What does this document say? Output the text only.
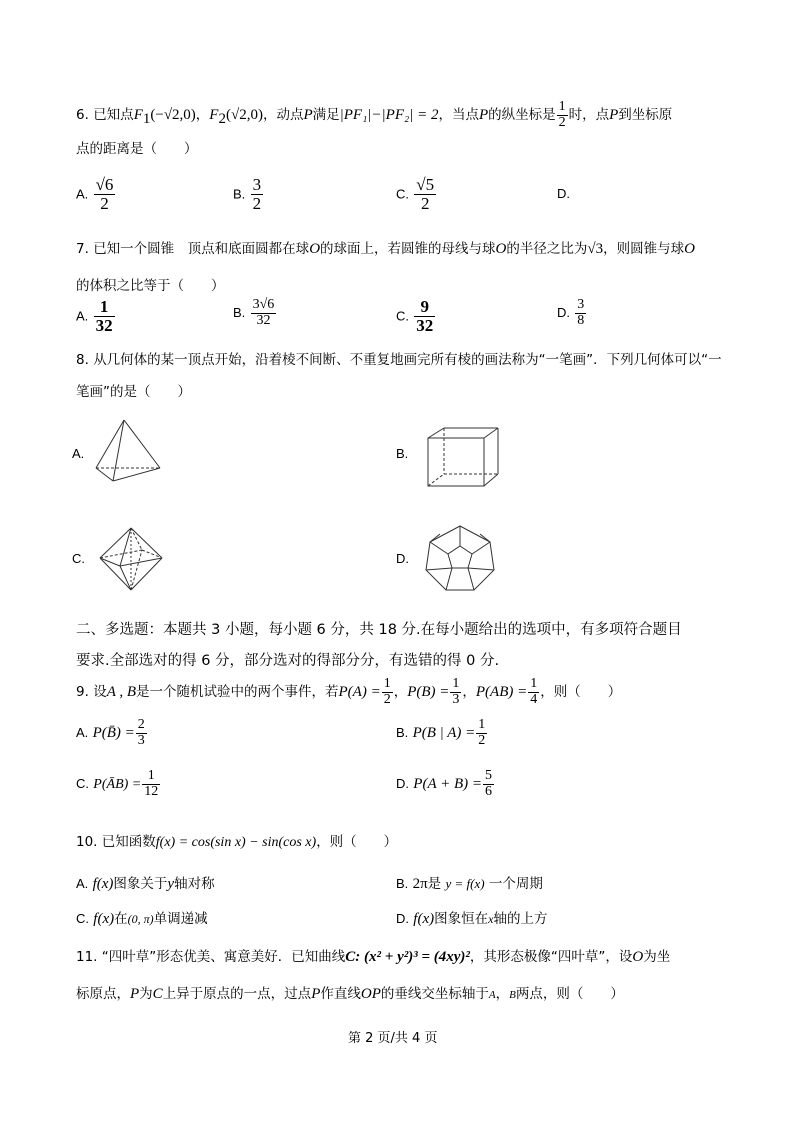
6. 已知点$F_1(-√2,0)$，$F_2(√2,0)$，动点P满足|PF₁|−|PF₂| = 2，当点P的纵坐标是 $\frac{1}{2}$ 时，点P到坐标原
点的距离是（　　）
A. $\frac{√6}{2}$	B. $\frac{3}{2}$	C. $\frac{√5}{2}$	D.
7. 已知一个圆锥　顶点和底面圆都在球O的球面上，若圆锥的母线与球O的半径之比为√3，则圆锥与球O
的体积之比等于（　　）
A. $\frac{1}{32}$	B. $\frac{3√6}{32}$	C. $\frac{9}{32}$	D. $\frac{3}{8}$
8. 从几何体的某一顶点开始，沿着棱不间断、不重复地画完所有棱的画法称为“一笔画”．下列几何体可以“一
笔画”的是（　　）
A.	B.
C.	D.
二、多选题：本题共 3 小题，每小题 6 分，共 18 分.在每小题给出的选项中，有多项符合题目
要求.全部选对的得 6 分，部分选对的得部分分，有选错的得 0 分.
9. 设A , B是一个随机试验中的两个事件，若$P(A) = \frac{1}{2}$ ，$P(B) = \frac{1}{3}$ ，$P(AB) = \frac{1}{4}$ ，则（　　）
A. P(B̄) = $\frac{2}{3}$	B. P(B | $A) = \frac{1}{2}$
C. P(ĀB) = $\frac{1}{12}$	D. $P(A + B) = \frac{5}{6}$
10. 已知函数f(x) = cos(sin x) − sin(cos x)，则（　　）
A. f(x)图象关于y轴对称	B. 2π是 y = f(x) 一个周期
C. f(x)在(0, π)单调递减	D. f(x)图象恒在x轴的上方
11. “四叶草”形态优美、寓意美好．已知曲线C: (x² + y²)³ = (4xy)²，其形态极像“四叶草”，设O为坐
标原点，P为C上异于原点的一点，过点P作直线OP的垂线交坐标轴于A，B两点，则（　　）
第 2 页/共 4 页
